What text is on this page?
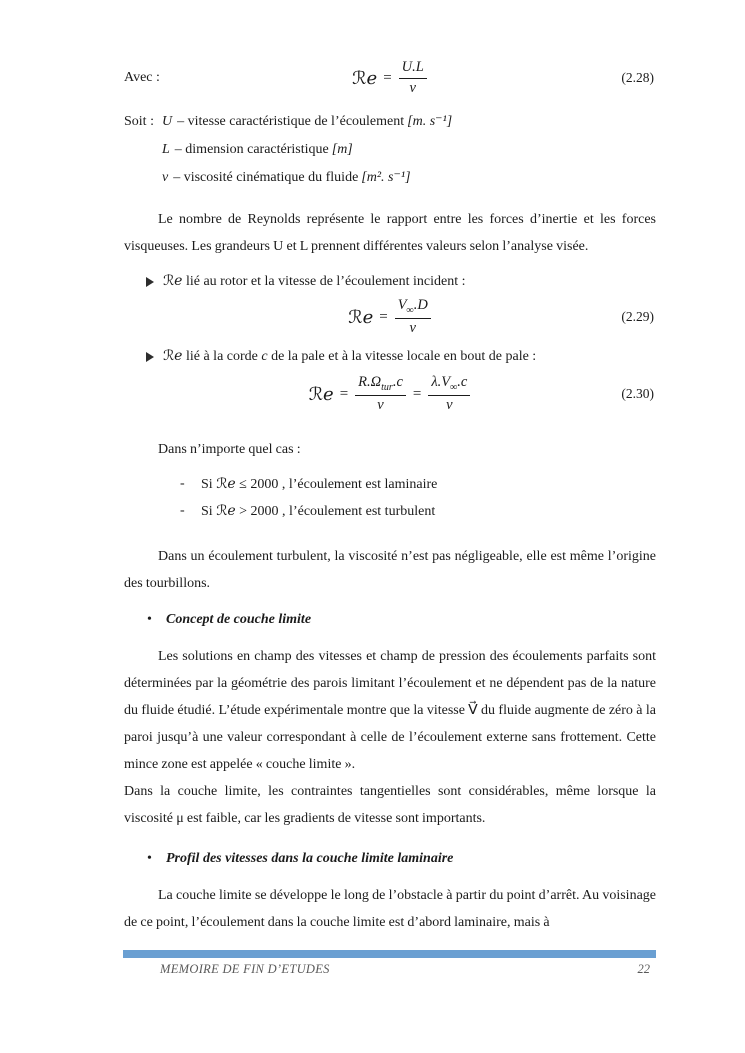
Avec :	ℛe = $\frac{U.L}{v}$	(2.28)
Soit : U – vitesse caractéristique de l’écoulement [m. s⁻¹]
L – dimension caractéristique [m]
v – viscosité cinématique du fluide [m². s⁻¹]

Le nombre de Reynolds représente le rapport entre les forces d’inertie et les forces visqueuses. Les grandeurs U et L prennent différentes valeurs selon l’analyse visée.

ℛe lié au rotor et la vitesse de l’écoulement incident :
ℛe = $\frac{V_\infty.D}{v}$	(2.29)
ℛe lié à la corde c de la pale et à la vitesse locale en bout de pale :
ℛe = $\frac{R.\Omega_{tur}.c}{v} = \frac{\lambda.V_\infty.c}{v}$	(2.30)

Dans n’importe quel cas :

-	Si ℛe ≤ 2000 , l’écoulement est laminaire
-	Si ℛe > 2000 , l’écoulement est turbulent

Dans un écoulement turbulent, la viscosité n’est pas négligeable, elle est même l’origine des tourbillons.

•	Concept de couche limite

Les solutions en champ des vitesses et champ de pression des écoulements parfaits sont déterminées par la géométrie des parois limitant l’écoulement et ne dépendent pas de la nature du fluide étudié. L’étude expérimentale montre que la vitesse V⃗ du fluide augmente de zéro à la paroi jusqu’à une valeur correspondant à celle de l’écoulement externe sans frottement. Cette mince zone est appelée « couche limite ».

Dans la couche limite, les contraintes tangentielles sont considérables, même lorsque la viscosité μ est faible, car les gradients de vitesse sont importants.

•	Profil des vitesses dans la couche limite laminaire

La couche limite se développe le long de l’obstacle à partir du point d’arrêt. Au voisinage de ce point, l’écoulement dans la couche limite est d’abord laminaire, mais à

MEMOIRE DE FIN D’ETUDES	22
